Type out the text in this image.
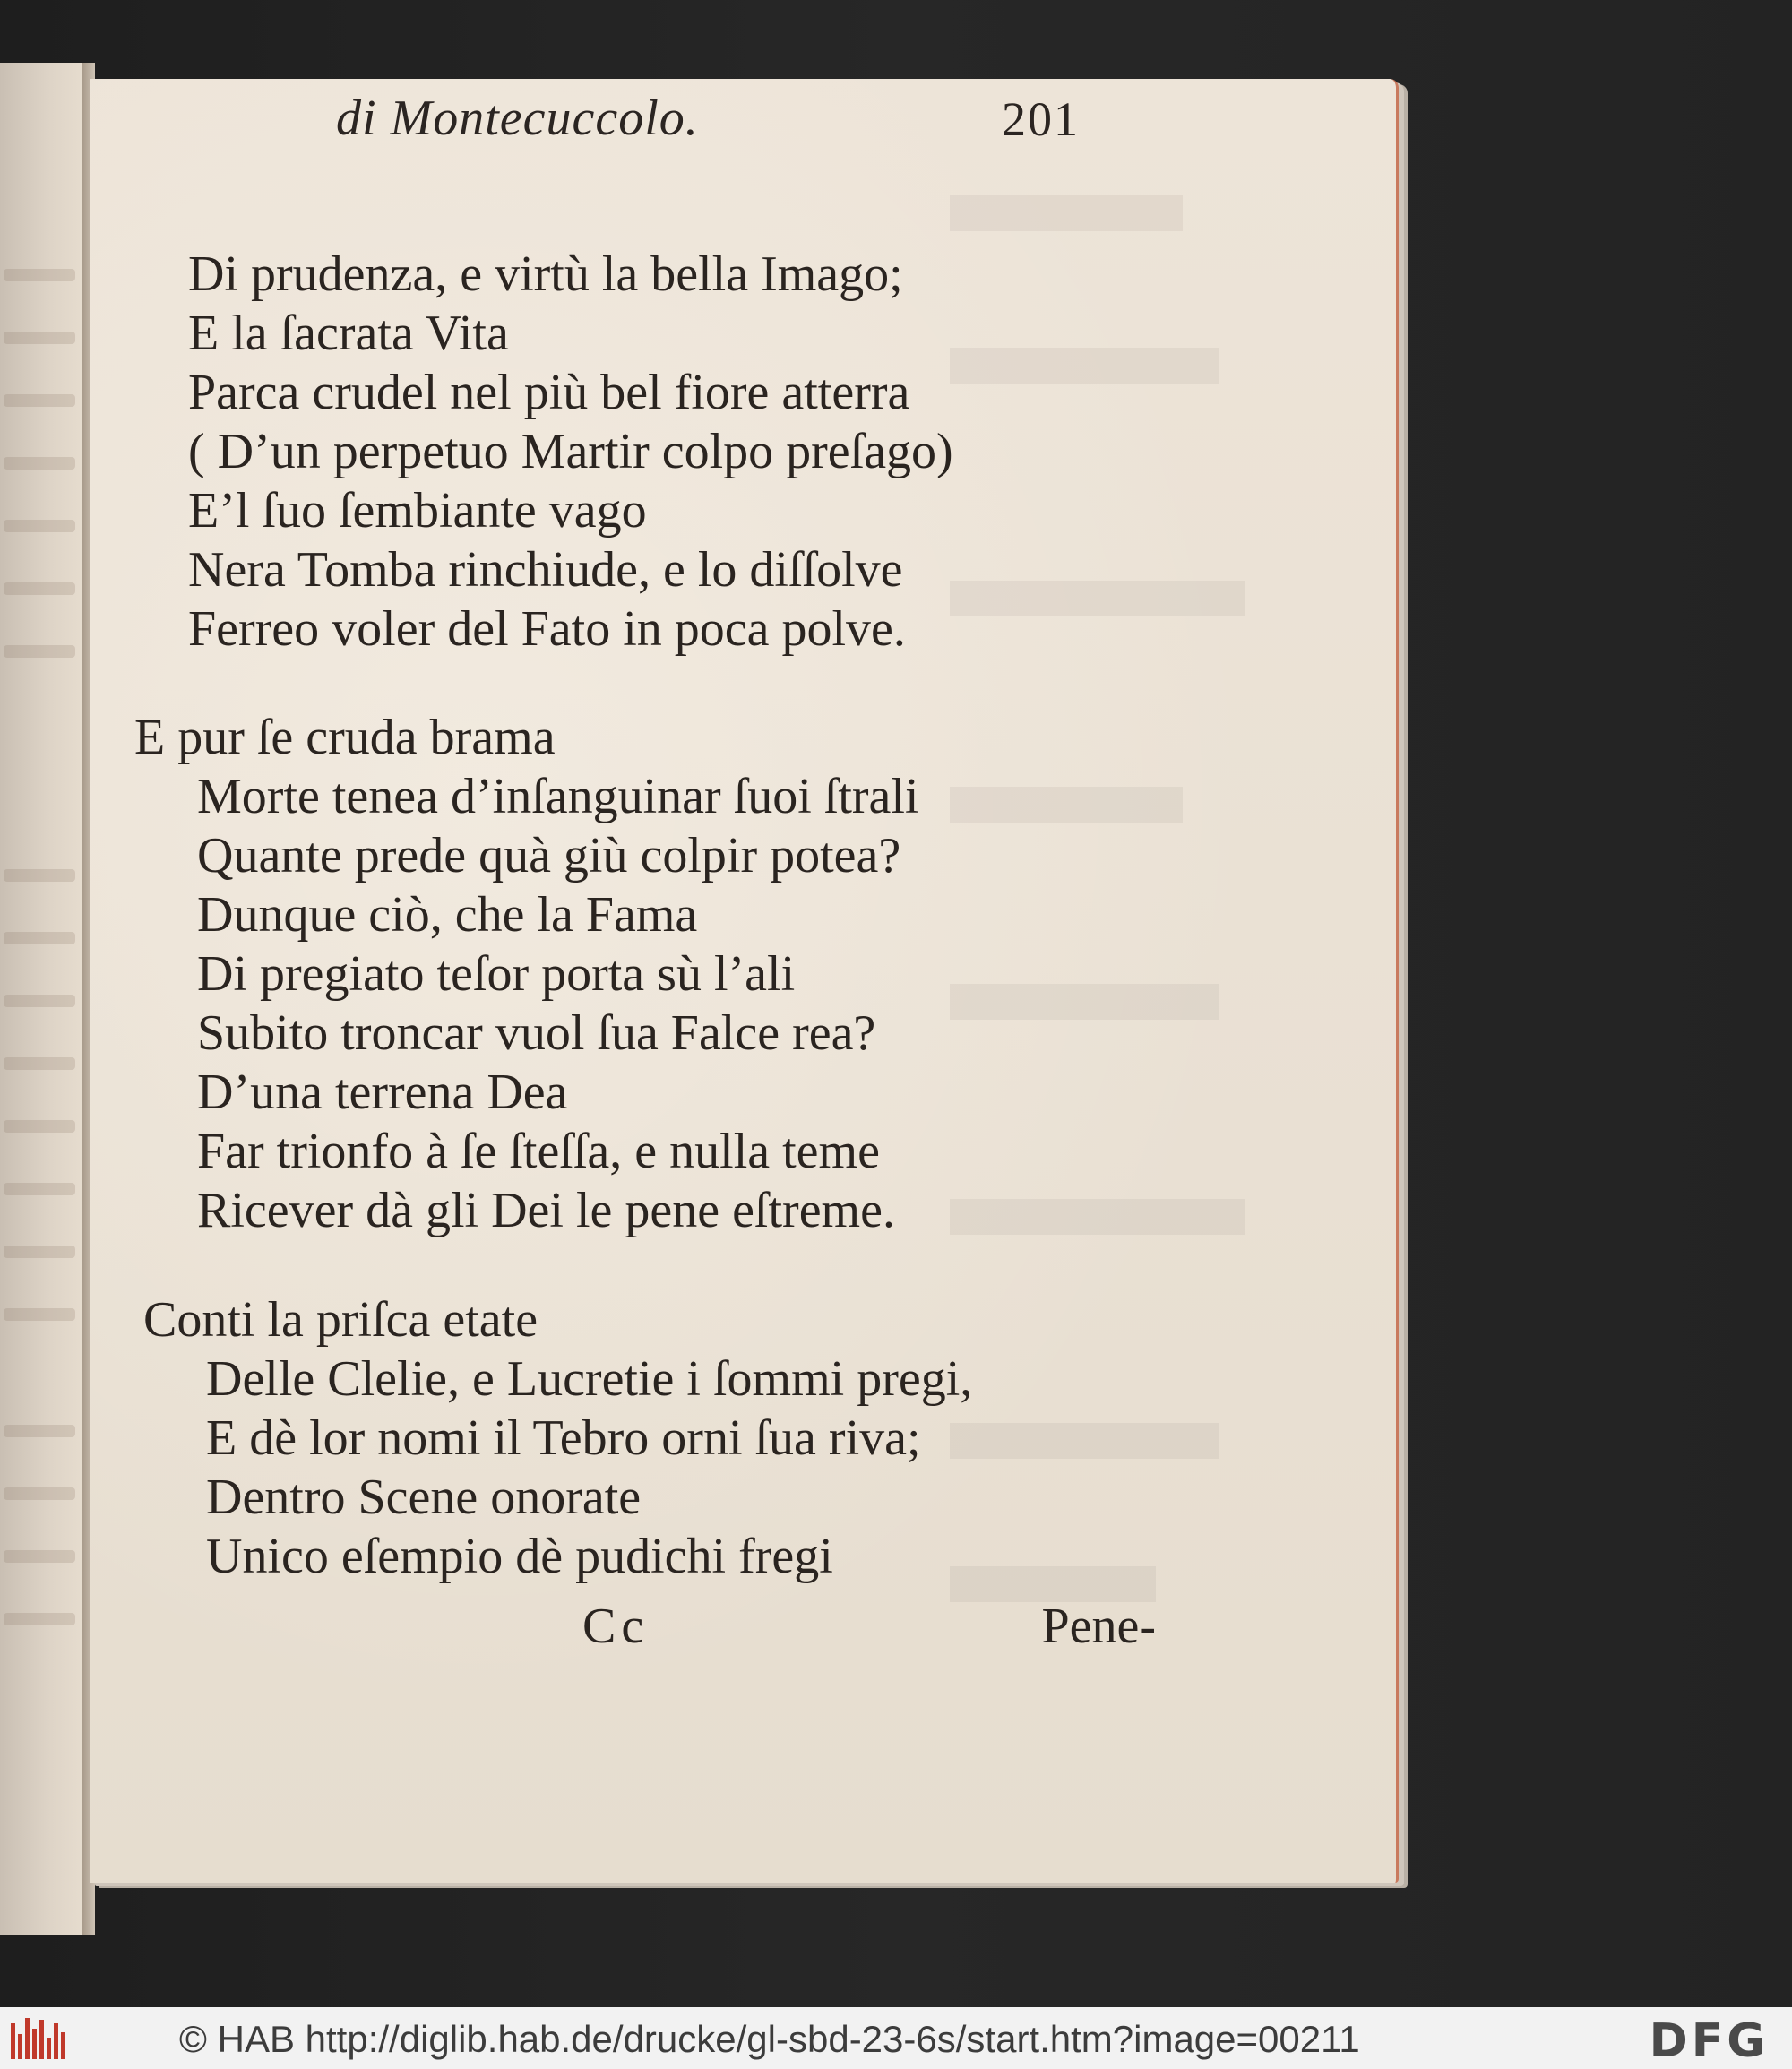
di Montecuccolo.	201
Di prudenza, e virtù la bella Imago;
E la ſacrata Vita
Parca crudel nel più bel fiore atterra
( D’un perpetuo Martir colpo preſago)
E’l ſuo ſembiante vago
Nera Tomba rinchiude, e lo diſſolve
Ferreo voler del Fato in poca polve.
E pur ſe cruda brama
Morte tenea d’inſanguinar ſuoi ſtrali
Quante prede quà giù colpir potea?
Dunque ciò, che la Fama
Di pregiato teſor porta sù l’ali
Subito troncar vuol ſua Falce rea?
D’una terrena Dea
Far trionfo à ſe ſteſſa, e nulla teme
Ricever dà gli Dei le pene eſtreme.
Conti la priſca etate
Delle Clelie, e Lucretie i ſommi pregi,
E dè lor nomi il Tebro orni ſua riva;
Dentro Scene onorate
Unico eſempio dè pudichi fregi
Cc	Pene-
© HAB http://diglib.hab.de/drucke/gl-sbd-23-6s/start.htm?image=00211	DFG
